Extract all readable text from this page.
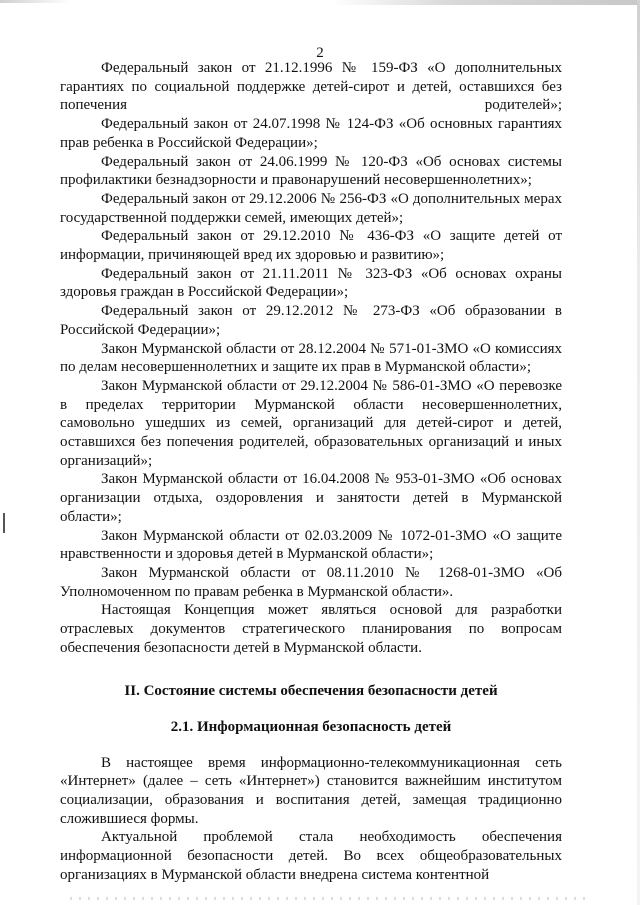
2

Федеральный закон от 21.12.1996 № 159-ФЗ «О дополнительных гарантиях по социальной поддержке детей-сирот и детей, оставшихся без попечения родителей»;

Федеральный закон от 24.07.1998 № 124-ФЗ «Об основных гарантиях прав ребенка в Российской Федерации»;

Федеральный закон от 24.06.1999 № 120-ФЗ «Об основах системы профилактики безнадзорности и правонарушений несовершеннолетних»;

Федеральный закон от 29.12.2006 № 256-ФЗ «О дополнительных мерах государственной поддержки семей, имеющих детей»;

Федеральный закон от 29.12.2010 № 436-ФЗ «О защите детей от информации, причиняющей вред их здоровью и развитию»;

Федеральный закон от 21.11.2011 № 323-ФЗ «Об основах охраны здоровья граждан в Российской Федерации»;

Федеральный закон от 29.12.2012 № 273-ФЗ «Об образовании в Российской Федерации»;

Закон Мурманской области от 28.12.2004 № 571-01-ЗМО «О комиссиях по делам несовершеннолетних и защите их прав в Мурманской области»;

Закон Мурманской области от 29.12.2004 № 586-01-ЗМО «О перевозке в пределах территории Мурманской области несовершеннолетних, самовольно ушедших из семей, организаций для детей-сирот и детей, оставшихся без попечения родителей, образовательных организаций и иных организаций»;

Закон Мурманской области от 16.04.2008 № 953-01-ЗМО «Об основах организации отдыха, оздоровления и занятости детей в Мурманской области»;

Закон Мурманской области от 02.03.2009 № 1072-01-ЗМО «О защите нравственности и здоровья детей в Мурманской области»;

Закон Мурманской области от 08.11.2010 № 1268-01-ЗМО «Об Уполномоченном по правам ребенка в Мурманской области».

Настоящая Концепция может являться основой для разработки отраслевых документов стратегического планирования по вопросам обеспечения безопасности детей в Мурманской области.

II. Состояние системы обеспечения безопасности детей

2.1. Информационная безопасность детей

В настоящее время информационно-телекоммуникационная сеть «Интернет» (далее – сеть «Интернет») становится важнейшим институтом социализации, образования и воспитания детей, замещая традиционно сложившиеся формы.

Актуальной проблемой стала необходимость обеспечения информационной безопасности детей. Во всех общеобразовательных организациях в Мурманской области внедрена система контентной
